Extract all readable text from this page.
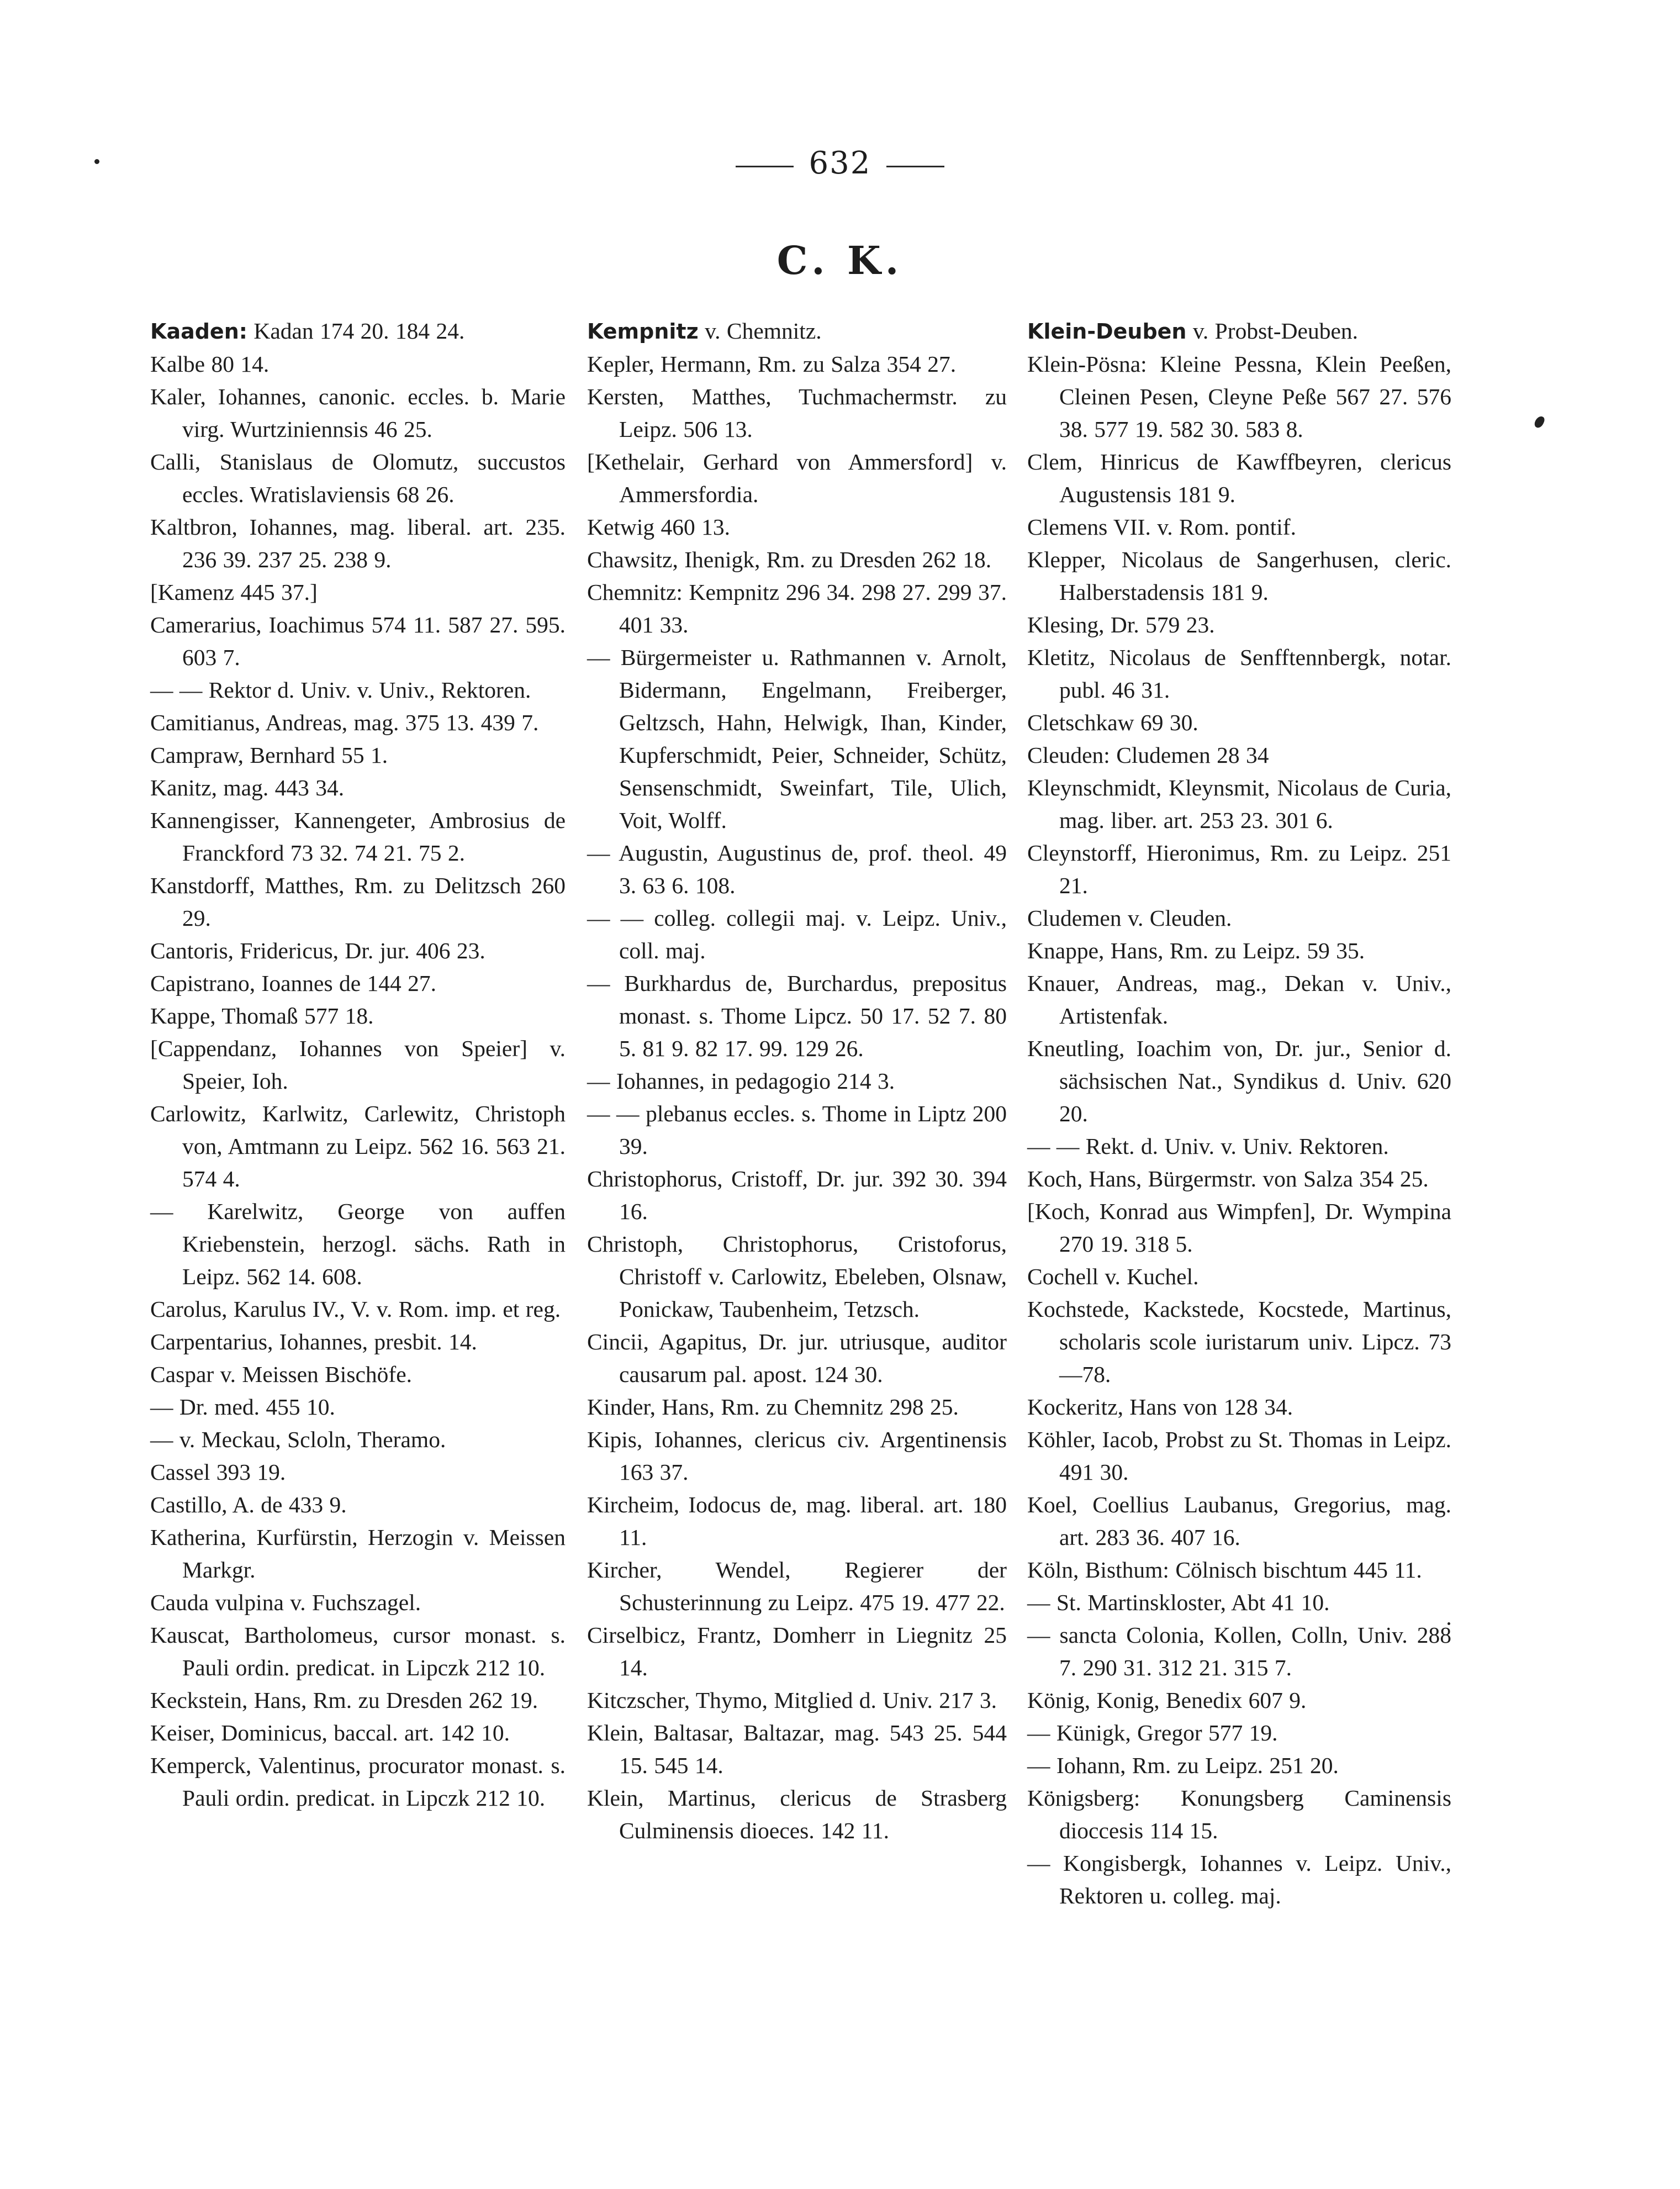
632
C. K.

Kaaden: Kadan 174 20. 184 24.

Kalbe 80 14.

Kaler, Iohannes, canonic. eccles. b. Marie virg. Wurtziniennsis 46 25.

Calli, Stanislaus de Olomutz, succustos eccles. Wratislaviensis 68 26.

Kaltbron, Iohannes, mag. liberal. art. 235. 236 39. 237 25. 238 9.

[Kamenz 445 37.]

Camerarius, Ioachimus 574 11. 587 27. 595. 603 7.

— — Rektor d. Univ. v. Univ., Rektoren.

Camitianus, Andreas, mag. 375 13. 439 7.

Campraw, Bernhard 55 1.

Kanitz, mag. 443 34.

Kannengisser, Kannengeter, Ambrosius de Franckford 73 32. 74 21. 75 2.

Kanstdorff, Matthes, Rm. zu Delitzsch 260 29.

Cantoris, Fridericus, Dr. jur. 406 23.

Capistrano, Ioannes de 144 27.

Kappe, Thomaß 577 18.

[Cappendanz, Iohannes von Speier] v. Speier, Ioh.

Carlowitz, Karlwitz, Carlewitz, Christoph von, Amtmann zu Leipz. 562 16. 563 21. 574 4.

— Karelwitz, George von auffen Kriebenstein, herzogl. sächs. Rath in Leipz. 562 14. 608.

Carolus, Karulus IV., V. v. Rom. imp. et reg.

Carpentarius, Iohannes, presbit. 14.

Caspar v. Meissen Bischöfe.

— Dr. med. 455 10.

— v. Meckau, Scloln, Theramo.

Cassel 393 19.

Castillo, A. de 433 9.

Katherina, Kurfürstin, Herzogin v. Meissen Markgr.

Cauda vulpina v. Fuchszagel.

Kauscat, Bartholomeus, cursor monast. s. Pauli ordin. predicat. in Lipczk 212 10.

Keckstein, Hans, Rm. zu Dresden 262 19.

Keiser, Dominicus, baccal. art. 142 10.

Kemperck, Valentinus, procurator monast. s. Pauli ordin. predicat. in Lipczk 212 10.

Kempnitz v. Chemnitz.

Kepler, Hermann, Rm. zu Salza 354 27.

Kersten, Matthes, Tuchmachermstr. zu Leipz. 506 13.

[Kethelair, Gerhard von Ammersford] v. Ammersfordia.

Ketwig 460 13.

Chawsitz, Ihenigk, Rm. zu Dresden 262 18.

Chemnitz: Kempnitz 296 34. 298 27. 299 37. 401 33.

— Bürgermeister u. Rathmannen v. Arnolt, Bidermann, Engelmann, Freiberger, Geltzsch, Hahn, Helwigk, Ihan, Kinder, Kupferschmidt, Peier, Schneider, Schütz, Sensenschmidt, Sweinfart, Tile, Ulich, Voit, Wolff.

— Augustin, Augustinus de, prof. theol. 49 3. 63 6. 108.

— — colleg. collegii maj. v. Leipz. Univ., coll. maj.

— Burkhardus de, Burchardus, prepositus monast. s. Thome Lipcz. 50 17. 52 7. 80 5. 81 9. 82 17. 99. 129 26.

— Iohannes, in pedagogio 214 3.

— — plebanus eccles. s. Thome in Liptz 200 39.

Christophorus, Cristoff, Dr. jur. 392 30. 394 16.

Christoph, Christophorus, Cristoforus, Christoff v. Carlowitz, Ebeleben, Olsnaw, Ponickaw, Taubenheim, Tetzsch.

Cincii, Agapitus, Dr. jur. utriusque, auditor causarum pal. apost. 124 30.

Kinder, Hans, Rm. zu Chemnitz 298 25.

Kipis, Iohannes, clericus civ. Argentinensis 163 37.

Kircheim, Iodocus de, mag. liberal. art. 180 11.

Kircher, Wendel, Regierer der Schusterinnung zu Leipz. 475 19. 477 22.

Cirselbicz, Frantz, Domherr in Liegnitz 25 14.

Kitczscher, Thymo, Mitglied d. Univ. 217 3.

Klein, Baltasar, Baltazar, mag. 543 25. 544 15. 545 14.

Klein, Martinus, clericus de Strasberg Culminensis dioeces. 142 11.

Klein-Deuben v. Probst-Deuben.

Klein-Pösna: Kleine Pessna, Klein Peeßen, Cleinen Pesen, Cleyne Peße 567 27. 576 38. 577 19. 582 30. 583 8.

Clem, Hinricus de Kawffbeyren, clericus Augustensis 181 9.

Clemens VII. v. Rom. pontif.

Klepper, Nicolaus de Sangerhusen, cleric. Halberstadensis 181 9.

Klesing, Dr. 579 23.

Kletitz, Nicolaus de Senfftennbergk, notar. publ. 46 31.

Cletschkaw 69 30.

Cleuden: Cludemen 28 34

Kleynschmidt, Kleynsmit, Nicolaus de Curia, mag. liber. art. 253 23. 301 6.

Cleynstorff, Hieronimus, Rm. zu Leipz. 251 21.

Cludemen v. Cleuden.

Knappe, Hans, Rm. zu Leipz. 59 35.

Knauer, Andreas, mag., Dekan v. Univ., Artistenfak.

Kneutling, Ioachim von, Dr. jur., Senior d. sächsischen Nat., Syndikus d. Univ. 620 20.

— — Rekt. d. Univ. v. Univ. Rektoren.

Koch, Hans, Bürgermstr. von Salza 354 25.

[Koch, Konrad aus Wimpfen], Dr. Wympina 270 19. 318 5.

Cochell v. Kuchel.

Kochstede, Kackstede, Kocstede, Martinus, scholaris scole iuristarum univ. Lipcz. 73—78.

Kockeritz, Hans von 128 34.

Köhler, Iacob, Probst zu St. Thomas in Leipz. 491 30.

Koel, Coellius Laubanus, Gregorius, mag. art. 283 36. 407 16.

Köln, Bisthum: Cölnisch bischtum 445 11.

— St. Martinskloster, Abt 41 10.

— sancta Colonia, Kollen, Colln, Univ. 288 7. 290 31. 312 21. 315 7.

König, Konig, Benedix 607 9.

— Künigk, Gregor 577 19.

— Iohann, Rm. zu Leipz. 251 20.

Königsberg: Konungsberg Caminensis dioccesis 114 15.

— Kongisbergk, Iohannes v. Leipz. Univ., Rektoren u. colleg. maj.
